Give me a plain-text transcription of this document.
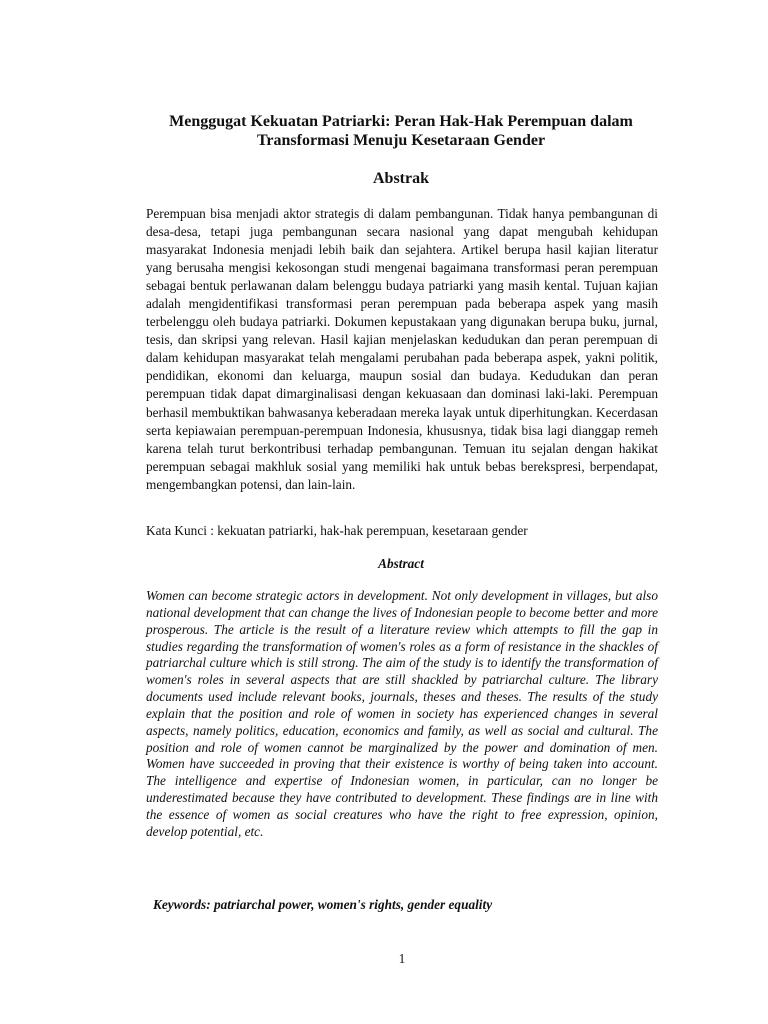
Menggugat Kekuatan Patriarki: Peran Hak-Hak Perempuan dalam
Transformasi Menuju Kesetaraan Gender
Abstrak

Perempuan bisa menjadi aktor strategis di dalam pembangunan. Tidak hanya pembangunan di desa-desa, tetapi juga pembangunan secara nasional yang dapat mengubah kehidupan masyarakat Indonesia menjadi lebih baik dan sejahtera. Artikel berupa hasil kajian literatur yang berusaha mengisi kekosongan studi mengenai bagaimana transformasi peran perempuan sebagai bentuk perlawanan dalam belenggu budaya patriarki yang masih kental. Tujuan kajian adalah mengidentifikasi transformasi peran perempuan pada beberapa aspek yang masih terbelenggu oleh budaya patriarki. Dokumen kepustakaan yang digunakan berupa buku, jurnal, tesis, dan skripsi yang relevan. Hasil kajian menjelaskan kedudukan dan peran perempuan di dalam kehidupan masyarakat telah mengalami perubahan pada beberapa aspek, yakni politik, pendidikan, ekonomi dan keluarga, maupun sosial dan budaya. Kedudukan dan peran perempuan tidak dapat dimarginalisasi dengan kekuasaan dan dominasi laki-laki. Perempuan berhasil membuktikan bahwasanya keberadaan mereka layak untuk diperhitungkan. Kecerdasan serta kepiawaian perempuan-perempuan Indonesia, khususnya, tidak bisa lagi dianggap remeh karena telah turut berkontribusi terhadap pembangunan. Temuan itu sejalan dengan hakikat perempuan sebagai makhluk sosial yang memiliki hak untuk bebas berekspresi, berpendapat, mengembangkan potensi, dan lain-lain.

Kata Kunci : kekuatan patriarki, hak-hak perempuan, kesetaraan gender

Abstract

Women can become strategic actors in development. Not only development in villages, but also national development that can change the lives of Indonesian people to become better and more prosperous. The article is the result of a literature review which attempts to fill the gap in studies regarding the transformation of women's roles as a form of resistance in the shackles of patriarchal culture which is still strong. The aim of the study is to identify the transformation of women's roles in several aspects that are still shackled by patriarchal culture. The library documents used include relevant books, journals, theses and theses. The results of the study explain that the position and role of women in society has experienced changes in several aspects, namely politics, education, economics and family, as well as social and cultural. The position and role of women cannot be marginalized by the power and domination of men. Women have succeeded in proving that their existence is worthy of being taken into account. The intelligence and expertise of Indonesian women, in particular, can no longer be underestimated because they have contributed to development. These findings are in line with the essence of women as social creatures who have the right to free expression, opinion, develop potential, etc.

Keywords: patriarchal power, women's rights, gender equality

1
